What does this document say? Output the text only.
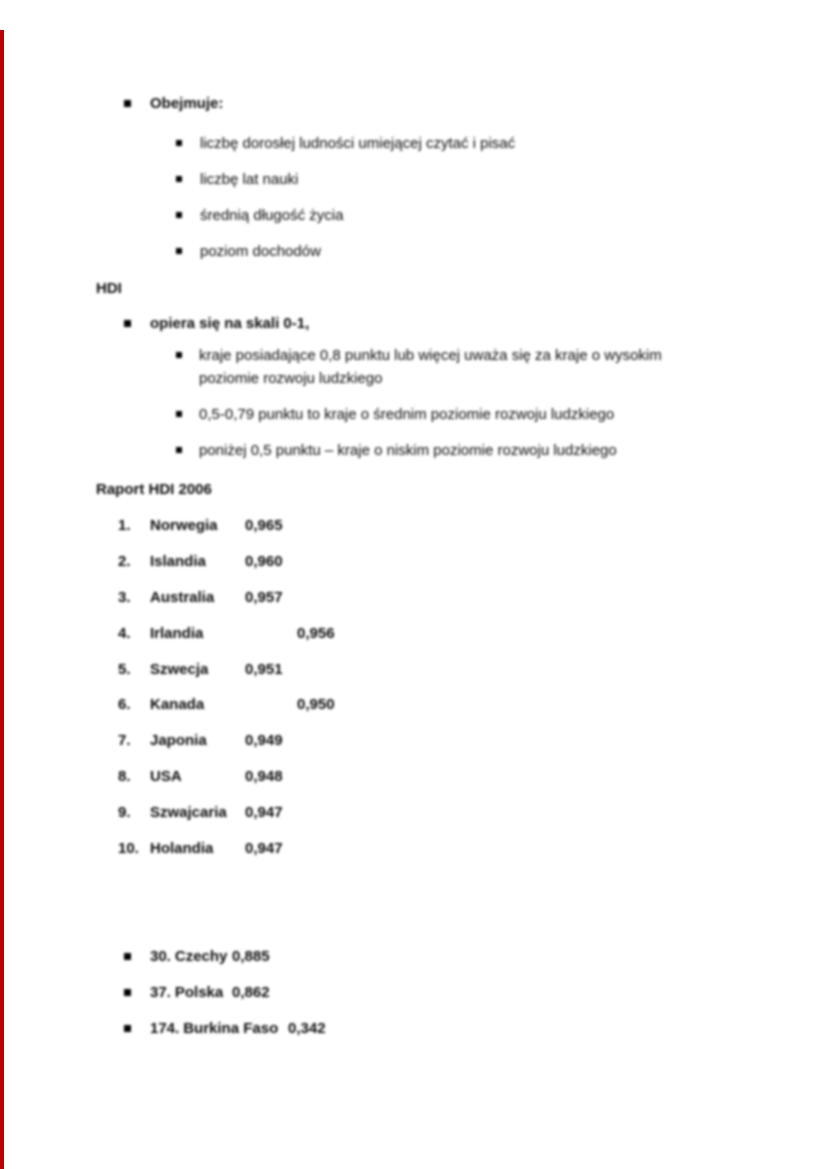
Obejmuje:
liczbę dorosłej ludności umiejącej czytać i pisać
liczbę lat nauki
średnią długość życia
poziom dochodów
HDI
opiera się na skali 0-1,
kraje posiadające 0,8 punktu lub więcej uważa się za kraje o wysokim poziomie rozwoju ludzkiego
0,5-0,79 punktu to kraje o średnim poziomie rozwoju ludzkiego
poniżej 0,5 punktu – kraje o niskim poziomie rozwoju ludzkiego
Raport HDI 2006
1.	Norwegia 0,965
2.	Islandia	0,960
3.	Australia 0,957
4.	Irlandia	0,956
5.	Szwecja 0,951
6.	Kanada	0,950
7.	Japonia	0,949
8.	USA	0,948
9.	Szwajcaria 0,947
10. Holandia 0,947
30. Czechy 0,885
37. Polska 0,862
174. Burkina Faso 0,342
